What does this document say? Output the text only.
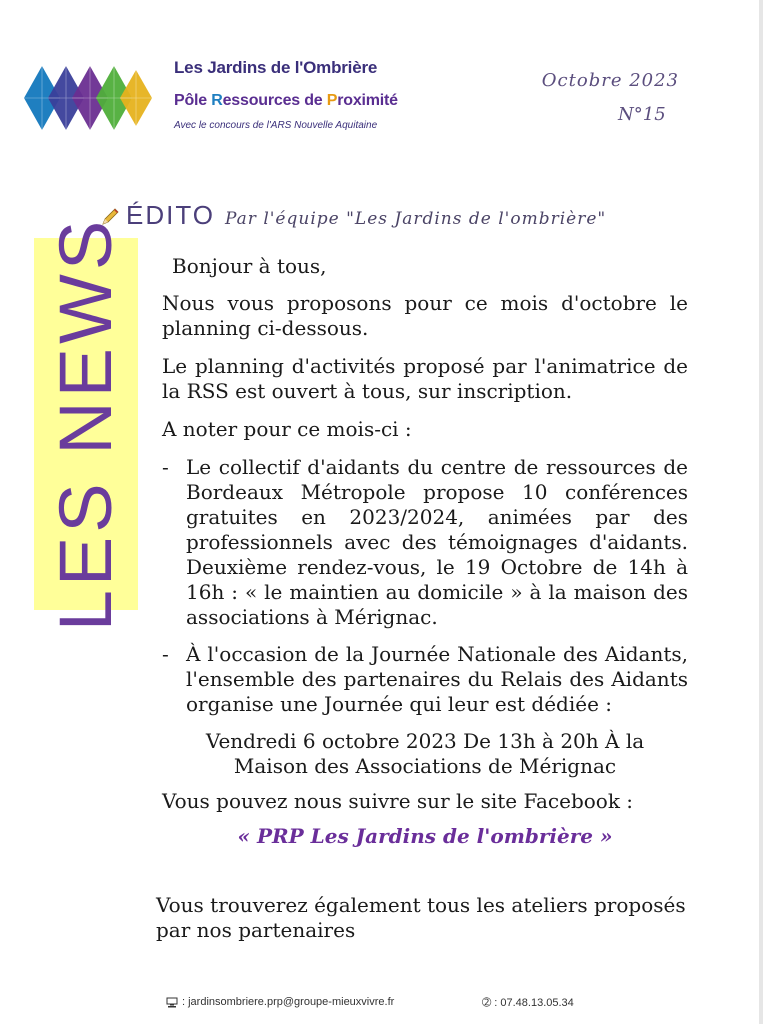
Les Jardins de l'Ombrière
Pôle Ressources de Proximité
Avec le concours de l'ARS Nouvelle Aquitaine
Octobre 2023
N°15
ÉDITO Par l'équipe "Les Jardins de l'ombrière"
LES NEWS Bonjour à tous,

Nous vous proposons pour ce mois d'octobre le planning ci-dessous.

Le planning d'activités proposé par l'animatrice de la RSS est ouvert à tous, sur inscription.

A noter pour ce mois-ci :

- Le collectif d'aidants du centre de ressources de Bordeaux Métropole propose 10 conférences gratuites en 2023/2024, animées par des professionnels avec des témoignages d'aidants. Deuxième rendez-vous, le 19 Octobre de 14h à 16h : « le maintien au domicile » à la maison des associations à Mérignac.
- À l'occasion de la Journée Nationale des Aidants, l'ensemble des partenaires du Relais des Aidants organise une Journée qui leur est dédiée :
Vendredi 6 octobre 2023 De 13h à 20h À la
Maison des Associations de Mérignac

Vous pouvez nous suivre sur le site Facebook :

« PRP Les Jardins de l'ombrière »
Vous trouverez également tous les ateliers proposés par nos partenaires
: jardinsombriere.prp@groupe-mieuxvivre.fr	➁ : 07.48.13.05.34
